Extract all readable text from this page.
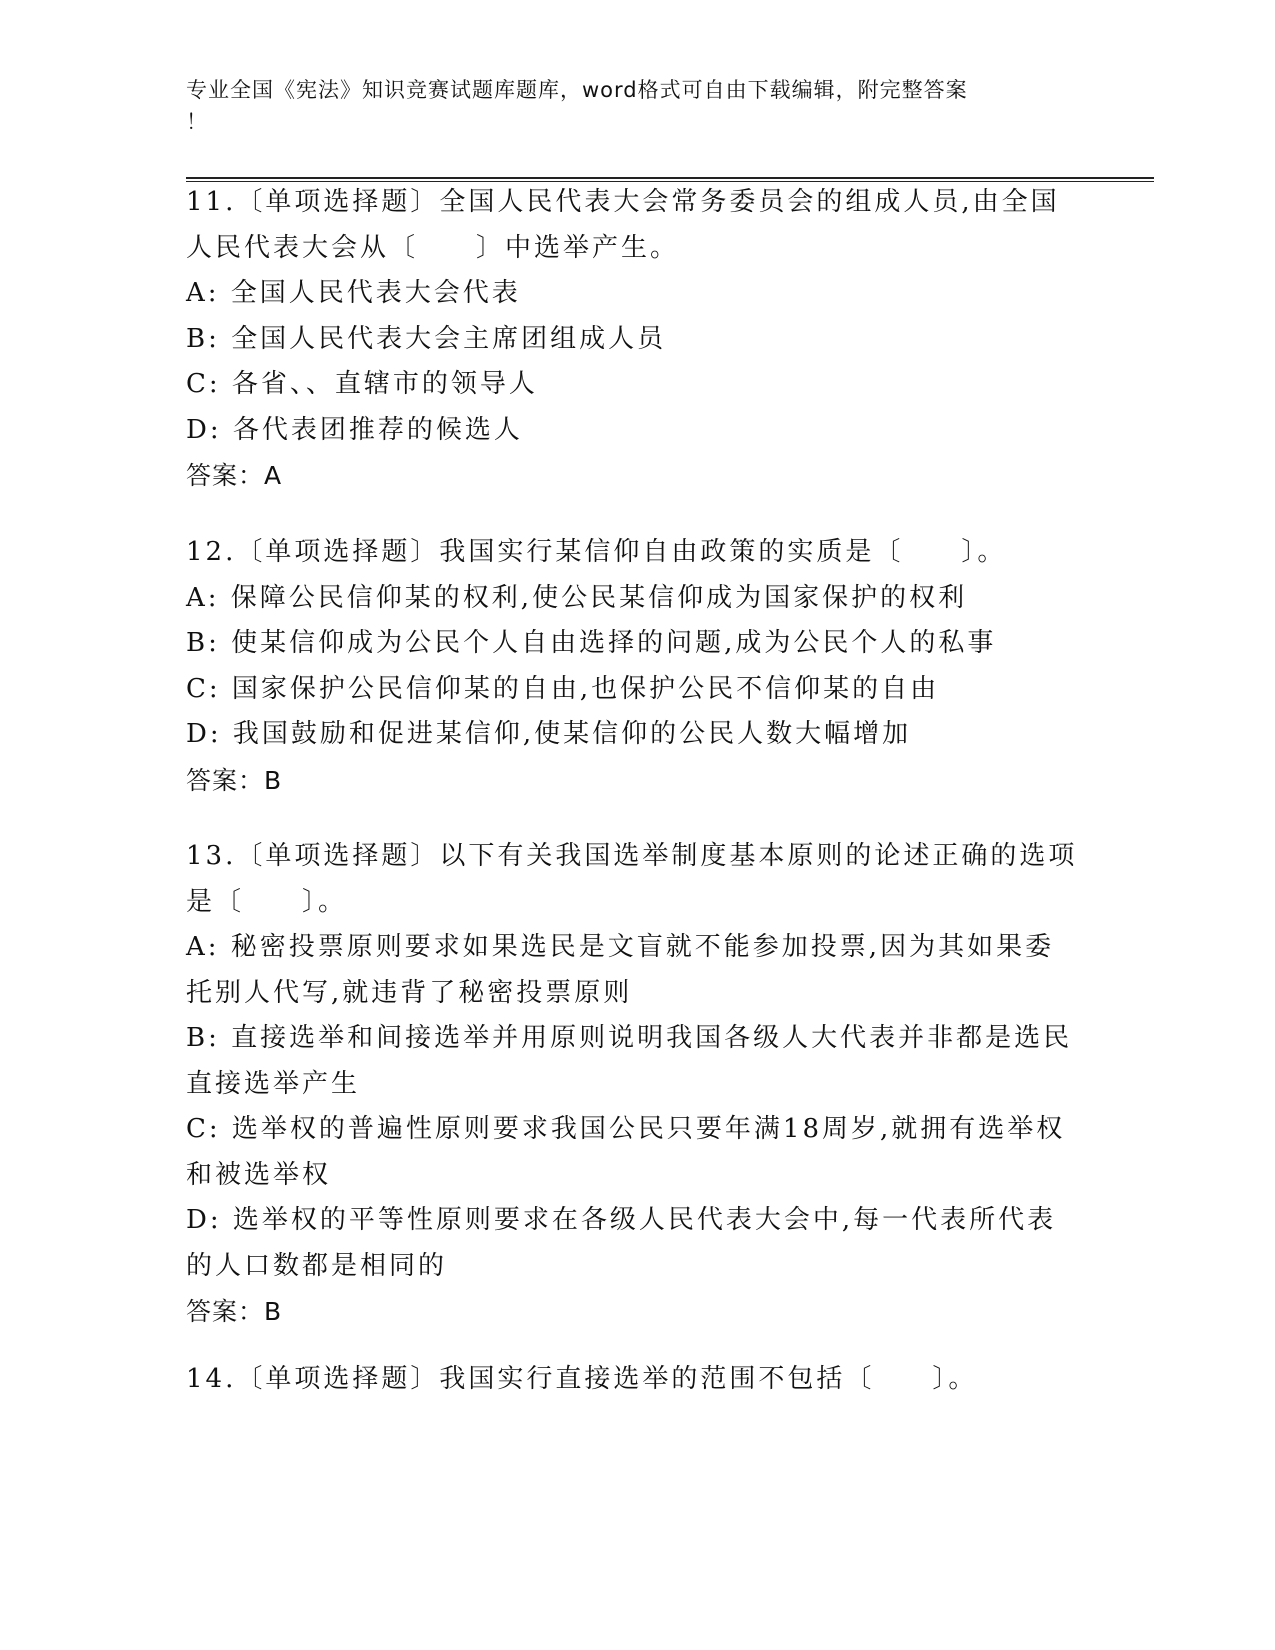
专业全国《宪法》知识竞赛试题库题库，word格式可自由下载编辑，附完整答案
！
11.〔单项选择题〕全国人民代表大会常务委员会的组成人员,由全国
人民代表大会从〔　　〕中选举产生。
A: 全国人民代表大会代表
B: 全国人民代表大会主席团组成人员
C: 各省、、直辖市的领导人
D: 各代表团推荐的候选人
答案：A
12.〔单项选择题〕我国实行某信仰自由政策的实质是〔　　〕。
A: 保障公民信仰某的权利,使公民某信仰成为国家保护的权利
B: 使某信仰成为公民个人自由选择的问题,成为公民个人的私事
C: 国家保护公民信仰某的自由,也保护公民不信仰某的自由
D: 我国鼓励和促进某信仰,使某信仰的公民人数大幅增加
答案：B
13.〔单项选择题〕以下有关我国选举制度基本原则的论述正确的选项
是〔　　〕。
A: 秘密投票原则要求如果选民是文盲就不能参加投票,因为其如果委
托别人代写,就违背了秘密投票原则
B: 直接选举和间接选举并用原则说明我国各级人大代表并非都是选民
直接选举产生
C: 选举权的普遍性原则要求我国公民只要年满18周岁,就拥有选举权
和被选举权
D: 选举权的平等性原则要求在各级人民代表大会中,每一代表所代表
的人口数都是相同的
答案：B
14.〔单项选择题〕我国实行直接选举的范围不包括〔　　〕。
